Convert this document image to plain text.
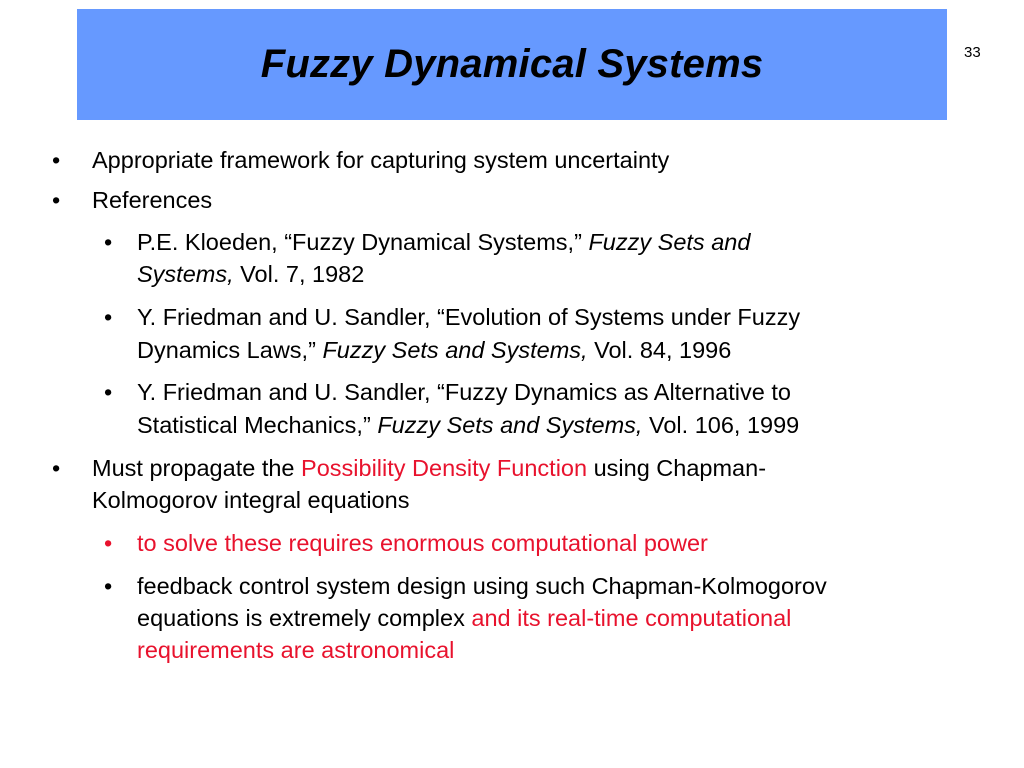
Fuzzy Dynamical Systems	33
• Appropriate framework for capturing system uncertainty
• References
• P.E. Kloeden, “Fuzzy Dynamical Systems,” Fuzzy Sets and
Systems, Vol. 7, 1982
• Y. Friedman and U. Sandler, “Evolution of Systems under Fuzzy
Dynamics Laws,” Fuzzy Sets and Systems, Vol. 84, 1996
• Y. Friedman and U. Sandler, “Fuzzy Dynamics as Alternative to
Statistical Mechanics,” Fuzzy Sets and Systems, Vol. 106, 1999
• Must propagate the Possibility Density Function using Chapman-
Kolmogorov integral equations
• to solve these requires enormous computational power
• feedback control system design using such Chapman-Kolmogorov
equations is extremely complex and its real-time computational
requirements are astronomical
